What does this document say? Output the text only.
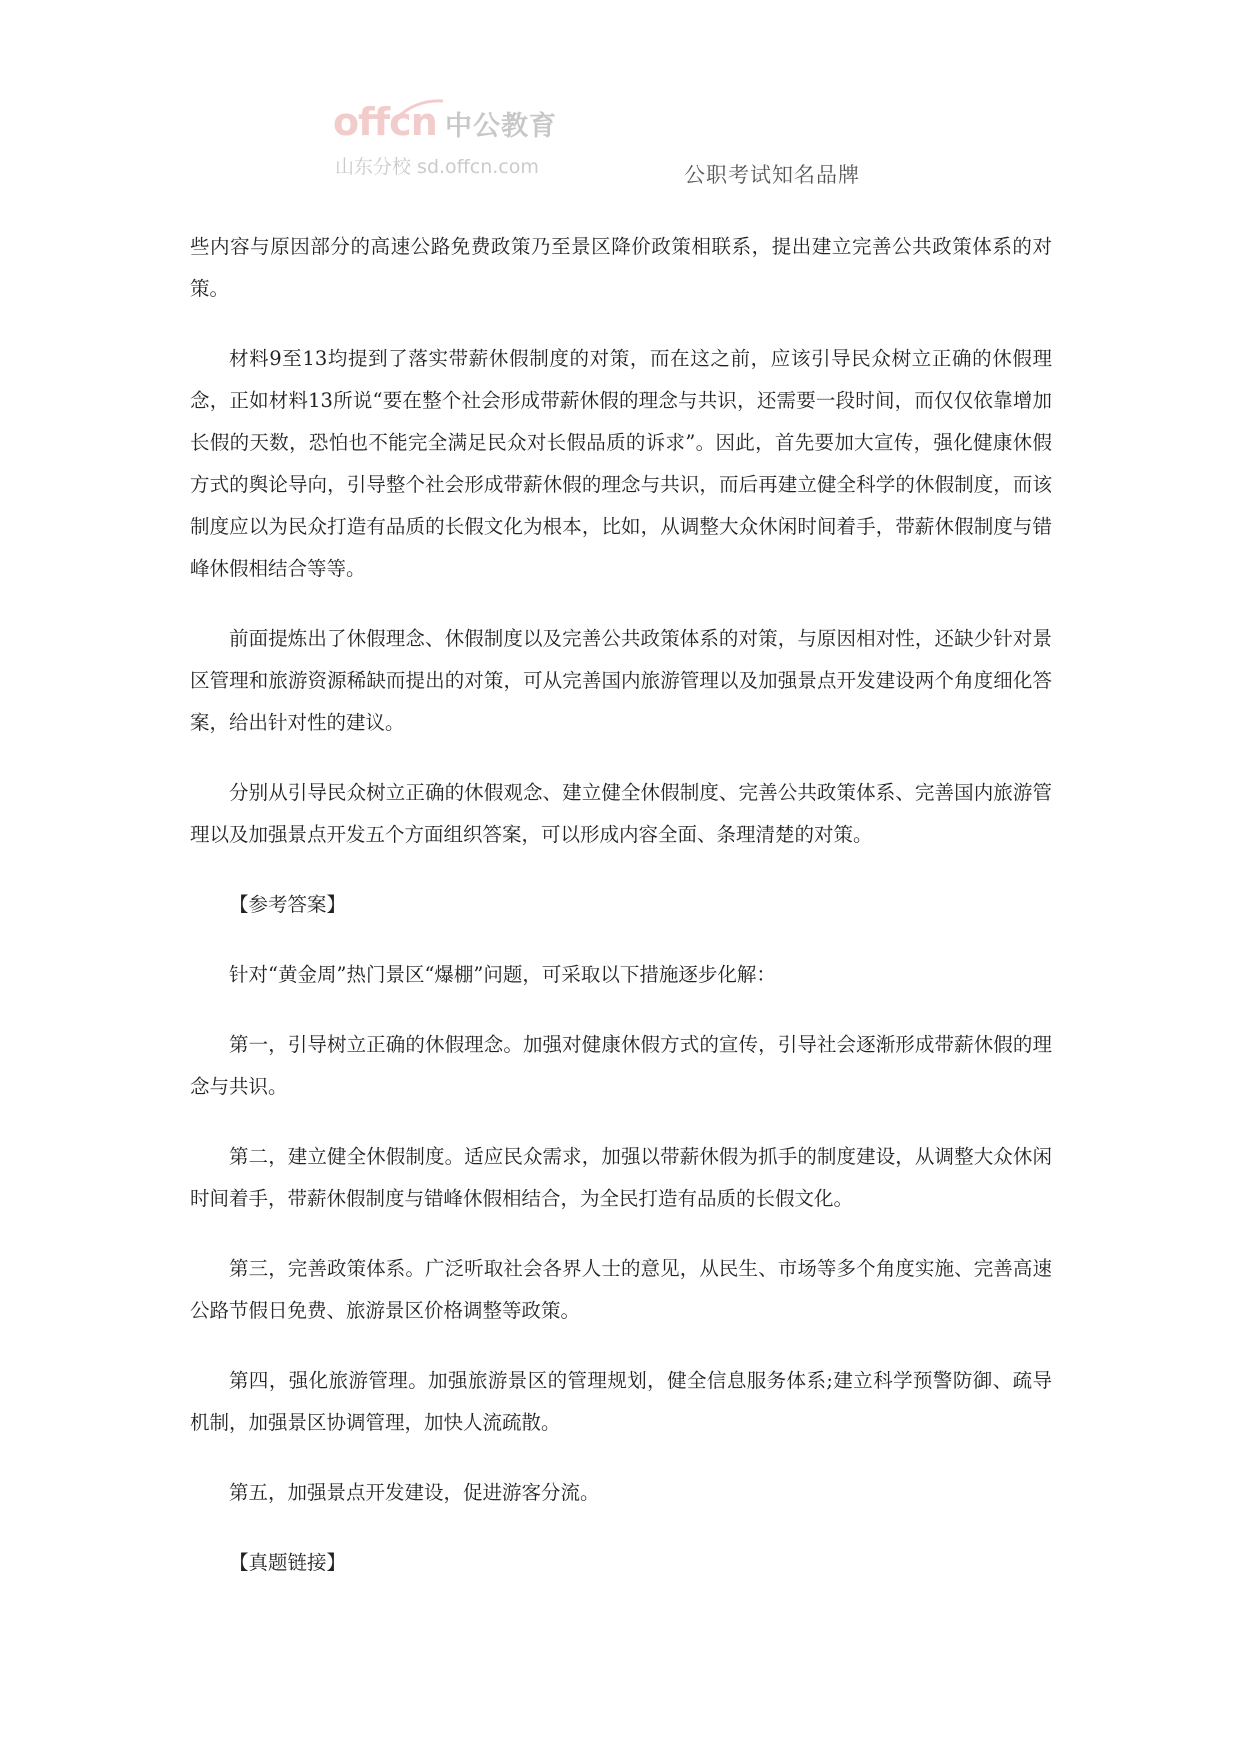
offcn 中公教育
山东分校 sd.offcn.com	公职考试知名品牌

些内容与原因部分的高速公路免费政策乃至景区降价政策相联系，提出建立完善公共政策体系的对策。

材料9至13均提到了落实带薪休假制度的对策，而在这之前，应该引导民众树立正确的休假理念，正如材料13所说“要在整个社会形成带薪休假的理念与共识，还需要一段时间，而仅仅依靠增加长假的天数，恐怕也不能完全满足民众对长假品质的诉求”。因此，首先要加大宣传，强化健康休假方式的舆论导向，引导整个社会形成带薪休假的理念与共识，而后再建立健全科学的休假制度，而该制度应以为民众打造有品质的长假文化为根本，比如，从调整大众休闲时间着手，带薪休假制度与错峰休假相结合等等。

前面提炼出了休假理念、休假制度以及完善公共政策体系的对策，与原因相对性，还缺少针对景区管理和旅游资源稀缺而提出的对策，可从完善国内旅游管理以及加强景点开发建设两个角度细化答案，给出针对性的建议。

分别从引导民众树立正确的休假观念、建立健全休假制度、完善公共政策体系、完善国内旅游管理以及加强景点开发五个方面组织答案，可以形成内容全面、条理清楚的对策。

【参考答案】

针对“黄金周”热门景区“爆棚”问题，可采取以下措施逐步化解：

第一，引导树立正确的休假理念。加强对健康休假方式的宣传，引导社会逐渐形成带薪休假的理念与共识。

第二，建立健全休假制度。适应民众需求，加强以带薪休假为抓手的制度建设，从调整大众休闲时间着手，带薪休假制度与错峰休假相结合，为全民打造有品质的长假文化。

第三，完善政策体系。广泛听取社会各界人士的意见，从民生、市场等多个角度实施、完善高速公路节假日免费、旅游景区价格调整等政策。

第四，强化旅游管理。加强旅游景区的管理规划，健全信息服务体系;建立科学预警防御、疏导机制，加强景区协调管理，加快人流疏散。

第五，加强景点开发建设，促进游客分流。

【真题链接】
